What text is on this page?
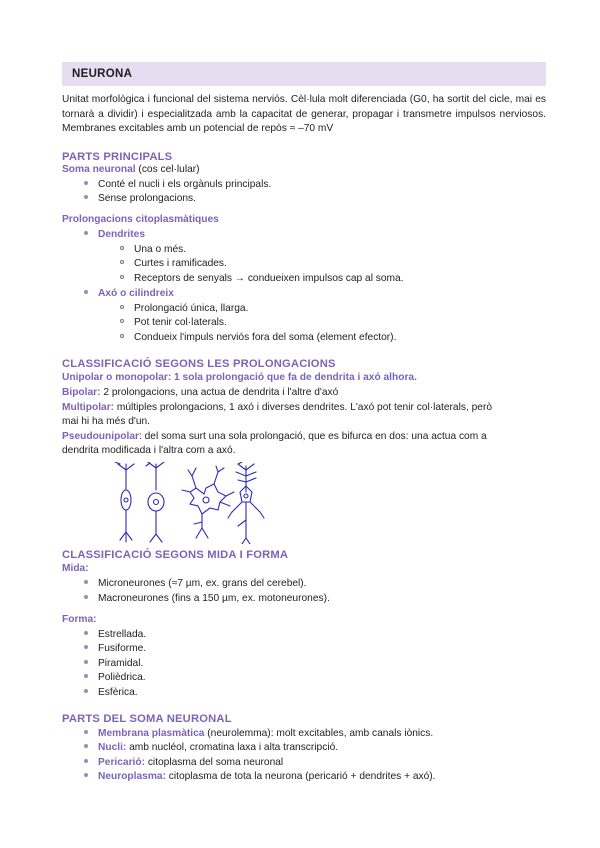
NEURONA
Unitat morfològica i funcional del sistema nerviós. Cèl·lula molt diferenciada (G0, ha sortit del cicle, mai es tornarà a dividir) i especialitzada amb la capacitat de generar, propagar i transmetre impulsos nerviosos. Membranes excitables amb un potencial de repòs ≈ –70 mV
PARTS PRINCIPALS
Soma neuronal (cos cel·lular)
Conté el nucli i els orgànuls principals.
Sense prolongacions.
Prolongacions citoplasmàtiques
Dendrites
Una o més.
Curtes i ramificades.
Receptors de senyals → condueixen impulsos cap al soma.
Axó o cilindreix
Prolongació única, llarga.
Pot tenir col·laterals.
Condueix l'impuls nerviós fora del soma (element efector).
CLASSIFICACIÓ SEGONS LES PROLONGACIONS
Unipolar o monopolar: 1 sola prolongació que fa de dendrita i axó alhora.
Bipolar: 2 prolongacions, una actua de dendrita i l'altre d'axó
Multipolar: múltiples prolongacions, 1 axó i diverses dendrites. L'axó pot tenir col·laterals, però
mai hi ha més d'un.
Pseudounipolar: del soma surt una sola prolongació, que es bifurca en dos: una actua com a
dendrita modificada i l'altra com a axó.
CLASSIFICACIÓ SEGONS MIDA I FORMA
Mida:
Microneurones (≈7 µm, ex. grans del cerebel).
Macroneurones (fins a 150 µm, ex. motoneurones).
Forma:
Estrellada.
Fusiforme.
Piramidal.
Polièdrica.
Esfèrica.
PARTS DEL SOMA NEURONAL
Membrana plasmàtica (neurolemma): molt excitables, amb canals iònics.
Nucli: amb nucléol, cromatina laxa i alta transcripció.
Pericarió: citoplasma del soma neuronal
Neuroplasma: citoplasma de tota la neurona (pericarió + dendrites + axó).
